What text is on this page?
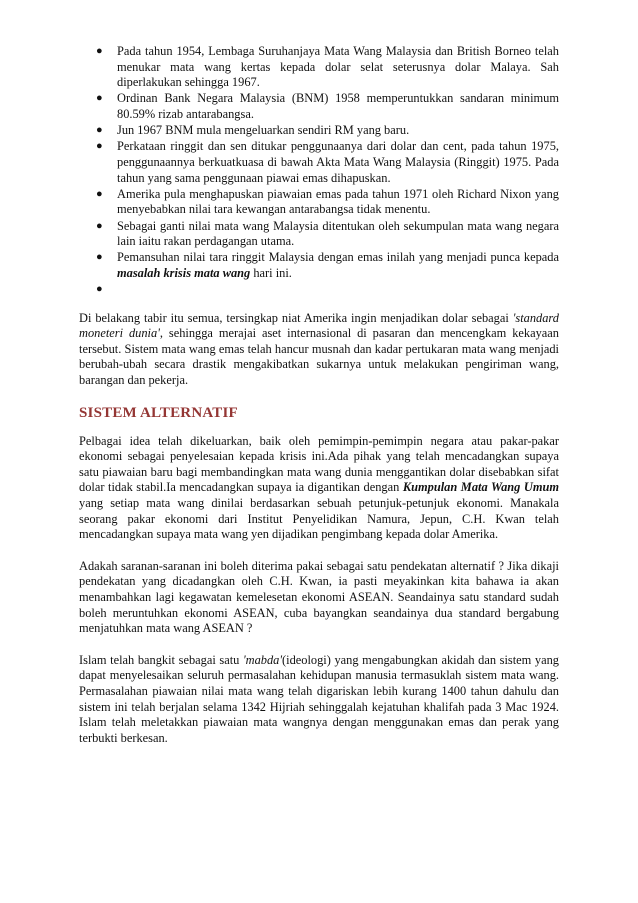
● Pada tahun 1954, Lembaga Suruhanjaya Mata Wang Malaysia dan British Borneo telah menukar mata wang kertas kepada dolar selat seterusnya dolar Malaya. Sah diperlakukan sehingga 1967.
● Ordinan Bank Negara Malaysia (BNM) 1958 memperuntukkan sandaran minimum 80.59% rizab antarabangsa.
● Jun 1967 BNM mula mengeluarkan sendiri RM yang baru.
● Perkataan ringgit dan sen ditukar penggunaanya dari dolar dan cent, pada tahun 1975, penggunaannya berkuatkuasa di bawah Akta Mata Wang Malaysia (Ringgit) 1975. Pada tahun yang sama penggunaan piawai emas dihapuskan.
● Amerika pula menghapuskan piawaian emas pada tahun 1971 oleh Richard Nixon yang menyebabkan nilai tara kewangan antarabangsa tidak menentu.
● Sebagai ganti nilai mata wang Malaysia ditentukan oleh sekumpulan mata wang negara lain iaitu rakan perdagangan utama.
● Pemansuhan nilai tara ringgit Malaysia dengan emas inilah yang menjadi punca kepada masalah krisis mata wang hari ini.
●

Di belakang tabir itu semua, tersingkap niat Amerika ingin menjadikan dolar sebagai 'standard moneteri dunia', sehingga merajai aset internasional di pasaran dan mencengkam kekayaan tersebut. Sistem mata wang emas telah hancur musnah dan kadar pertukaran mata wang menjadi berubah-ubah secara drastik mengakibatkan sukarnya untuk melakukan pengiriman wang, barangan dan pekerja.

SISTEM ALTERNATIF

Pelbagai idea telah dikeluarkan, baik oleh pemimpin-pemimpin negara atau pakar-pakar ekonomi sebagai penyelesaian kepada krisis ini.Ada pihak yang telah mencadangkan supaya satu piawaian baru bagi membandingkan mata wang dunia menggantikan dolar disebabkan sifat dolar tidak stabil.Ia mencadangkan supaya ia digantikan dengan Kumpulan Mata Wang Umum yang setiap mata wang dinilai berdasarkan sebuah petunjuk-petunjuk ekonomi. Manakala seorang pakar ekonomi dari Institut Penyelidikan Namura, Jepun, C.H. Kwan telah mencadangkan supaya mata wang yen dijadikan pengimbang kepada dolar Amerika.

Adakah saranan-saranan ini boleh diterima pakai sebagai satu pendekatan alternatif ? Jika dikaji pendekatan yang dicadangkan oleh C.H. Kwan, ia pasti meyakinkan kita bahawa ia akan menambahkan lagi kegawatan kemelesetan ekonomi ASEAN. Seandainya satu standard sudah boleh meruntuhkan ekonomi ASEAN, cuba bayangkan seandainya dua standard bergabung menjatuhkan mata wang ASEAN ?

Islam telah bangkit sebagai satu 'mabda'(ideologi) yang mengabungkan akidah dan sistem yang dapat menyelesaikan seluruh permasalahan kehidupan manusia termasuklah sistem mata wang. Permasalahan piawaian nilai mata wang telah digariskan lebih kurang 1400 tahun dahulu dan sistem ini telah berjalan selama 1342 Hijriah sehinggalah kejatuhan khalifah pada 3 Mac 1924. Islam telah meletakkan piawaian mata wangnya dengan menggunakan emas dan perak yang terbukti berkesan.
